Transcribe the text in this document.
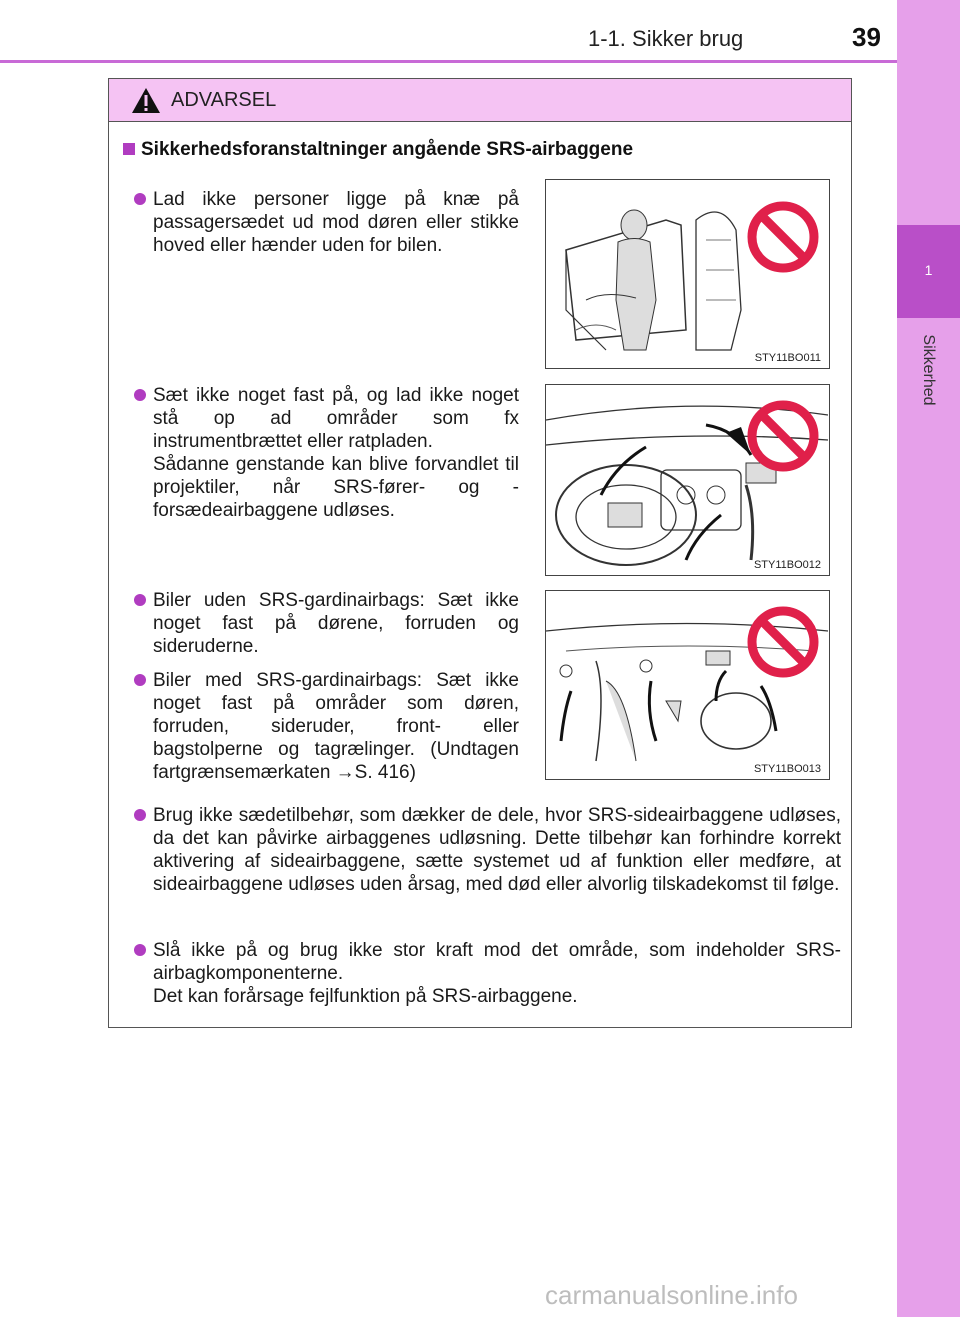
1-1. Sikker brug	39
1
Sikkerhed
ADVARSEL
Sikkerhedsforanstaltninger angående SRS-airbaggene

Lad ikke personer ligge på knæ på passagersædet ud mod døren eller stikke hoved eller hænder uden for bilen.

Sæt ikke noget fast på, og lad ikke noget stå op ad områder som fx instrumentbrættet eller ratpladen.

Sådanne genstande kan blive forvandlet til projektiler, når SRS-fører- og -forsædeairbaggene udløses.

Biler uden SRS-gardinairbags: Sæt ikke noget fast på dørene, forruden og sideruderne.

Biler med SRS-gardinairbags: Sæt ikke noget fast på områder som døren, forruden, sideruder, front- eller bagstolperne og tagrælinger. (Undtagen fartgrænsemærkaten →S. 416)

Brug ikke sædetilbehør, som dækker de dele, hvor SRS-sideairbaggene udløses, da det kan påvirke airbaggenes udløsning. Dette tilbehør kan forhindre korrekt aktivering af sideairbaggene, sætte systemet ud af funktion eller medføre, at sideairbaggene udløses uden årsag, med død eller alvorlig tilskadekomst til følge.

Slå ikke på og brug ikke stor kraft mod det område, som indeholder SRS-airbagkomponenterne.

Det kan forårsage fejlfunktion på SRS-airbaggene.

STY11BO011
STY11BO012
STY11BO013
carmanualsonline.info
